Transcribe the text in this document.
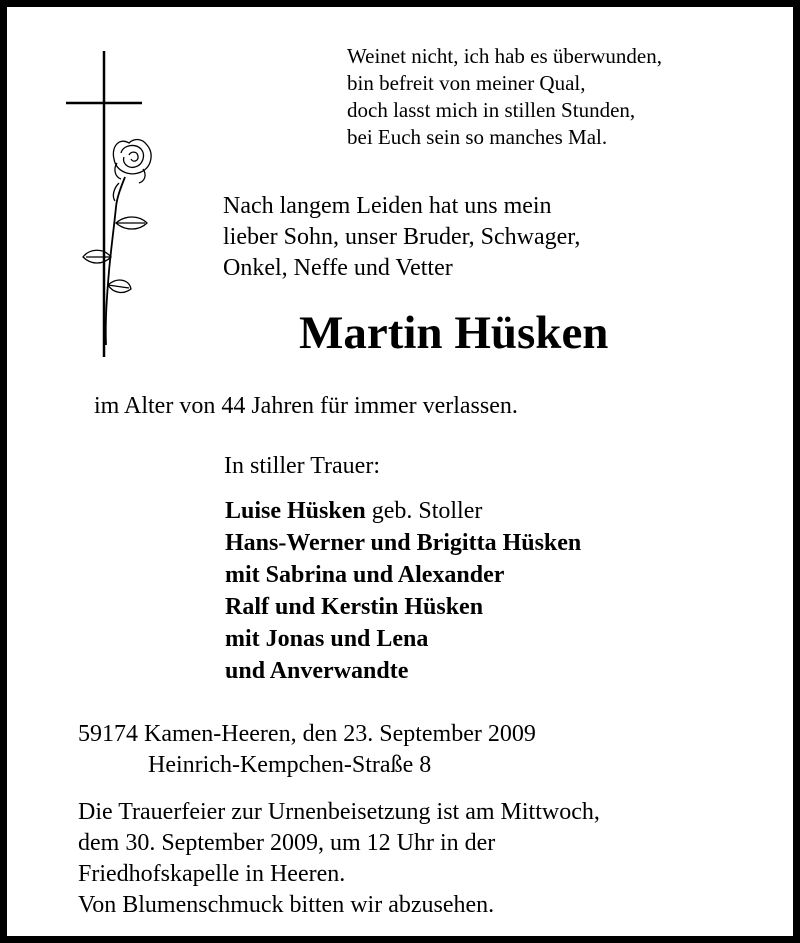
Weinet nicht, ich hab es überwunden,
bin befreit von meiner Qual,
doch lasst mich in stillen Stunden,
bei Euch sein so manches Mal.
Nach langem Leiden hat uns mein
lieber Sohn, unser Bruder, Schwager,
Onkel, Neffe und Vetter
Martin Hüsken
im Alter von 44 Jahren für immer verlassen.
In stiller Trauer:
Luise Hüsken geb. Stoller
Hans-Werner und Brigitta Hüsken
mit Sabrina und Alexander
Ralf und Kerstin Hüsken
mit Jonas und Lena
und Anverwandte
59174 Kamen-Heeren, den 23. September 2009
Heinrich-Kempchen-Straße 8
Die Trauerfeier zur Urnenbeisetzung ist am Mittwoch,
dem 30. September 2009, um 12 Uhr in der
Friedhofskapelle in Heeren.
Von Blumenschmuck bitten wir abzusehen.
